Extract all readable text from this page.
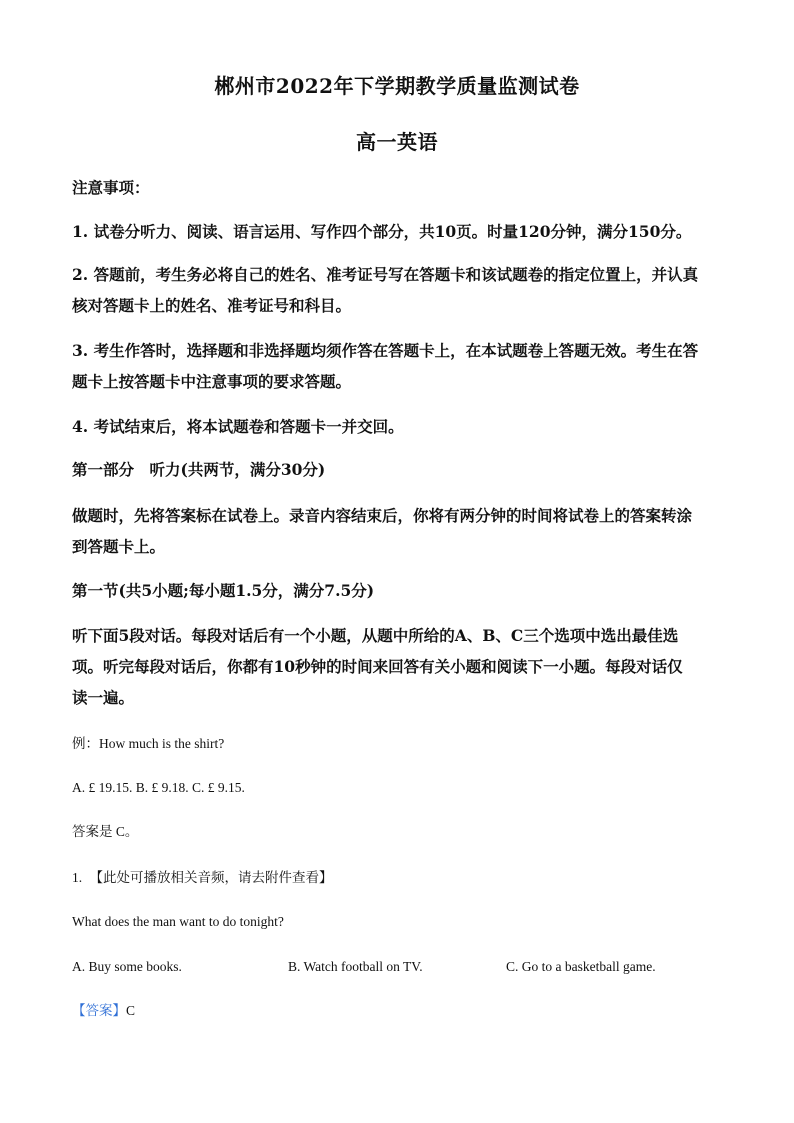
郴州市2022年下学期教学质量监测试卷
高一英语
注意事项：
1. 试卷分听力、阅读、语言运用、写作四个部分，共10页。时量120分钟，满分150分。
2. 答题前，考生务必将自己的姓名、准考证号写在答题卡和该试题卷的指定位置上，并认真
核对答题卡上的姓名、准考证号和科目。
3. 考生作答时，选择题和非选择题均须作答在答题卡上，在本试题卷上答题无效。考生在答
题卡上按答题卡中注意事项的要求答题。
4. 考试结束后，将本试题卷和答题卡一并交回。
第一部分　听力(共两节，满分30分)
做题时，先将答案标在试卷上。录音内容结束后，你将有两分钟的时间将试卷上的答案转涂
到答题卡上。
第一节(共5小题;每小题1.5分，满分7.5分)
听下面5段对话。每段对话后有一个小题，从题中所给的A、B、C三个选项中选出最佳选
项。听完每段对话后，你都有10秒钟的时间来回答有关小题和阅读下一小题。每段对话仅
读一遍。
例：How much is the shirt?
A. £ 19.15. B. £ 9.18. C. £ 9.15.
答案是 C。
1. 【此处可播放相关音频，请去附件查看】
What does the man want to do tonight?
A. Buy some books.	B. Watch football on TV.	C. Go to a basketball game.
【答案】C
